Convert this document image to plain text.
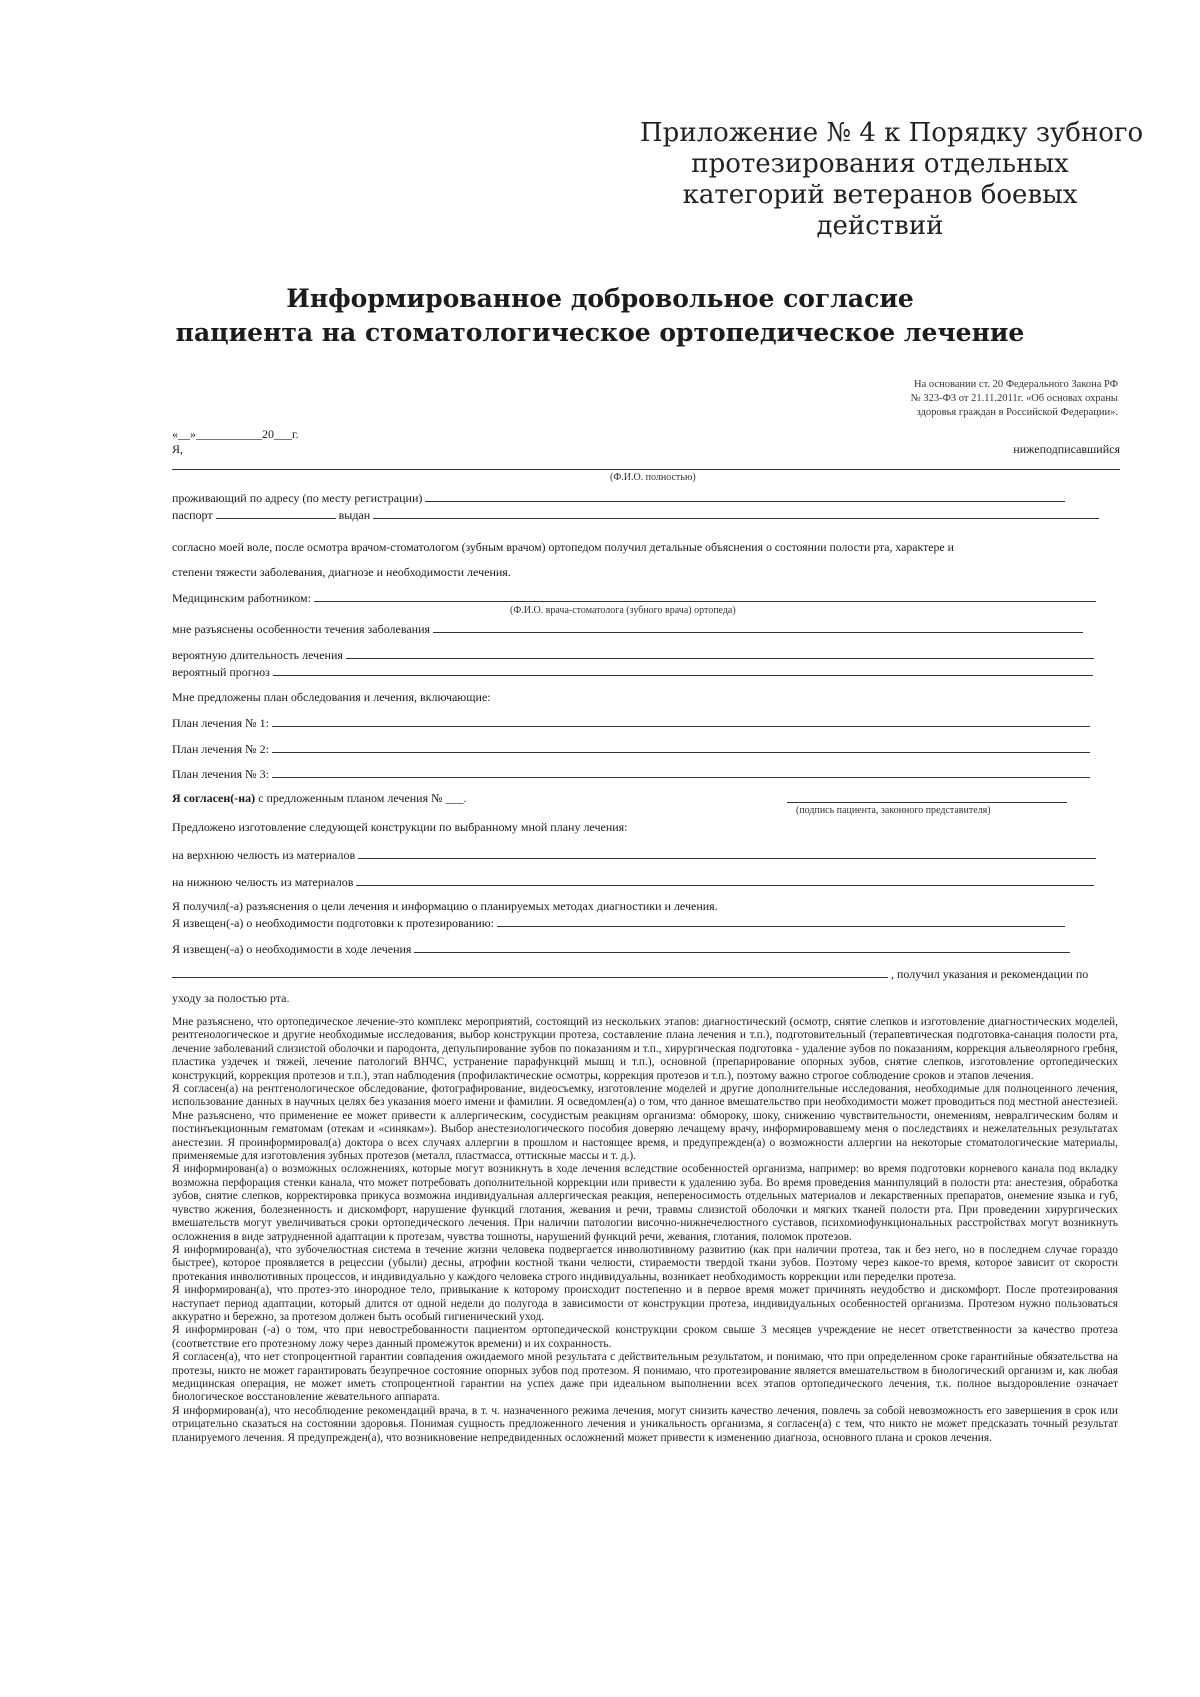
Приложение № 4 к Порядку зубного
протезирования отдельных
категорий ветеранов боевых
действий
Информированное добровольное согласие
пациента на стоматологическое ортопедическое лечение
На основании ст. 20 Федерального Закона РФ
№ 323-ФЗ от 21.11.2011г. «Об основах охраны
здоровья граждан в Российской Федерации».
«__»___________20___г.
Я,	нижеподписавшийся
(Ф.И.О. полностью)
проживающий по адресу (по месту регистрации)
паспорт	выдан
согласно моей воле, после осмотра врачом-стоматологом (зубным врачом) ортопедом получил детальные объяснения о состоянии полости рта, характере и
степени тяжести заболевания, диагнозе и необходимости лечения.
Медицинским работником:
(Ф.И.О. врача-стоматолога (зубного врача) ортопеда)
мне разъяснены особенности течения заболевания
вероятную длительность лечения
вероятный прогноз
Мне предложены план обследования и лечения, включающие:
План лечения № 1:
План лечения № 2:
План лечения № 3:
Я согласен(-на) с предложенным планом лечения № ___.
(подпись пациента, законного представителя)
Предложено изготовление следующей конструкции по выбранному мной плану лечения:
на верхнюю челюсть из материалов
на нижнюю челюсть из материалов
Я получил(-а) разъяснения о цели лечения и информацию о планируемых методах диагностики и лечения.
Я извещен(-а) о необходимости подготовки к протезированию:
Я извещен(-а) о необходимости в ходе лечения
, получил указания и рекомендации по
уходу за полостью рта.

Мне разъяснено, что ортопедическое лечение-это комплекс мероприятий, состоящий из нескольких этапов: диагностический (осмотр, снятие слепков и изготовление диагностических моделей, рентгенологическое и другие необходимые исследования, выбор конструкции протеза, составление плана лечения и т.п.), подготовительный (терапевтическая подготовка-санация полости рта, лечение заболеваний слизистой оболочки и пародонта, депульпирование зубов по показаниям и т.п., хирургическая подготовка - удаление зубов по показаниям, коррекция альвеолярного гребня, пластика уздечек и тяжей, лечение патологий ВНЧС, устранение парафункций мышц и т.п.), основной (препарирование опорных зубов, снятие слепков, изготовление ортопедических конструкций, коррекция протезов и т.п.), этап наблюдения (профилактические осмотры, коррекция протезов и т.п.), поэтому важно строгое соблюдение сроков и этапов лечения.

Я согласен(а) на рентгенологическое обследование, фотографирование, видеосъемку, изготовление моделей и другие дополнительные исследования, необходимые для полноценного лечения, использование данных в научных целях без указания моего имени и фамилии. Я осведомлен(а) о том, что данное вмешательство при необходимости может проводиться под местной анестезией. Мне разъяснено, что применение ее может привести к аллергическим, сосудистым реакциям организма: обмороку, шоку, снижению чувствительности, онемениям, невралгическим болям и постинъекционным гематомам (отекам и «синякам»). Выбор анестезиологического пособия доверяю лечащему врачу, информировавшему меня о последствиях и нежелательных результатах анестезии. Я проинформировал(а) доктора о всех случаях аллергии в прошлом и настоящее время, и предупрежден(а) о возможности аллергии на некоторые стоматологические материалы, применяемые для изготовления зубных протезов (металл, пластмасса, оттискные массы и т. д.).

Я информирован(а) о возможных осложнениях, которые могут возникнуть в ходе лечения вследствие особенностей организма, например: во время подготовки корневого канала под вкладку возможна перфорация стенки канала, что может потребовать дополнительной коррекции или привести к удалению зуба. Во время проведения манипуляций в полости рта: анестезия, обработка зубов, снятие слепков, корректировка прикуса возможна индивидуальная аллергическая реакция, непереносимость отдельных материалов и лекарственных препаратов, онемение языка и губ, чувство жжения, болезненность и дискомфорт, нарушение функций глотания, жевания и речи, травмы слизистой оболочки и мягких тканей полости рта. При проведении хирургических вмешательств могут увеличиваться сроки ортопедического лечения. При наличии патологии височно-нижнечелюстного суставов, психомиофункциональных расстройствах могут возникнуть осложнения в виде затрудненной адаптации к протезам, чувства тошноты, нарушений функций речи, жевания, глотания, поломок протезов.

Я информирован(а), что зубочелюстная система в течение жизни человека подвергается инволютивному развитию (как при наличии протеза, так и без него, но в последнем случае гораздо быстрее), которое проявляется в рецессии (убыли) десны, атрофии костной ткани челюсти, стираемости твердой ткани зубов. Поэтому через какое-то время, которое зависит от скорости протекания инволютивных процессов, и индивидуально у каждого человека строго индивидуальны, возникает необходимость коррекции или переделки протеза.

Я информирован(а), что протез-это инородное тело, привыкание к которому происходит постепенно и в первое время может причинять неудобство и дискомфорт. После протезирования наступает период адаптации, который длится от одной недели до полугода в зависимости от конструкции протеза, индивидуальных особенностей организма. Протезом нужно пользоваться аккуратно и бережно, за протезом должен быть особый гигиенический уход.

Я информирован (-а) о том, что при невостребованности пациентом ортопедической конструкции сроком свыше 3 месяцев учреждение не несет ответственности за качество протеза (соответствие его протезному ложу через данный промежуток времени) и их сохранность.

Я согласен(а), что нет стопроцентной гарантии совпадения ожидаемого мной результата с действительным результатом, и понимаю, что при определенном сроке гарантийные обязательства на протезы, никто не может гарантировать безупречное состояние опорных зубов под протезом. Я понимаю, что протезирование является вмешательством в биологический организм и, как любая медицинская операция, не может иметь стопроцентной гарантии на успех даже при идеальном выполнении всех этапов ортопедического лечения, т.к. полное выздоровление означает биологическое восстановление жевательного аппарата.

Я информирован(а), что несоблюдение рекомендаций врача, в т. ч. назначенного режима лечения, могут снизить качество лечения, повлечь за собой невозможность его завершения в срок или отрицательно сказаться на состоянии здоровья. Понимая сущность предложенного лечения и уникальность организма, я согласен(а) с тем, что никто не может предсказать точный результат планируемого лечения. Я предупрежден(а), что возникновение непредвиденных осложнений может привести к изменению диагноза, основного плана и сроков лечения.
